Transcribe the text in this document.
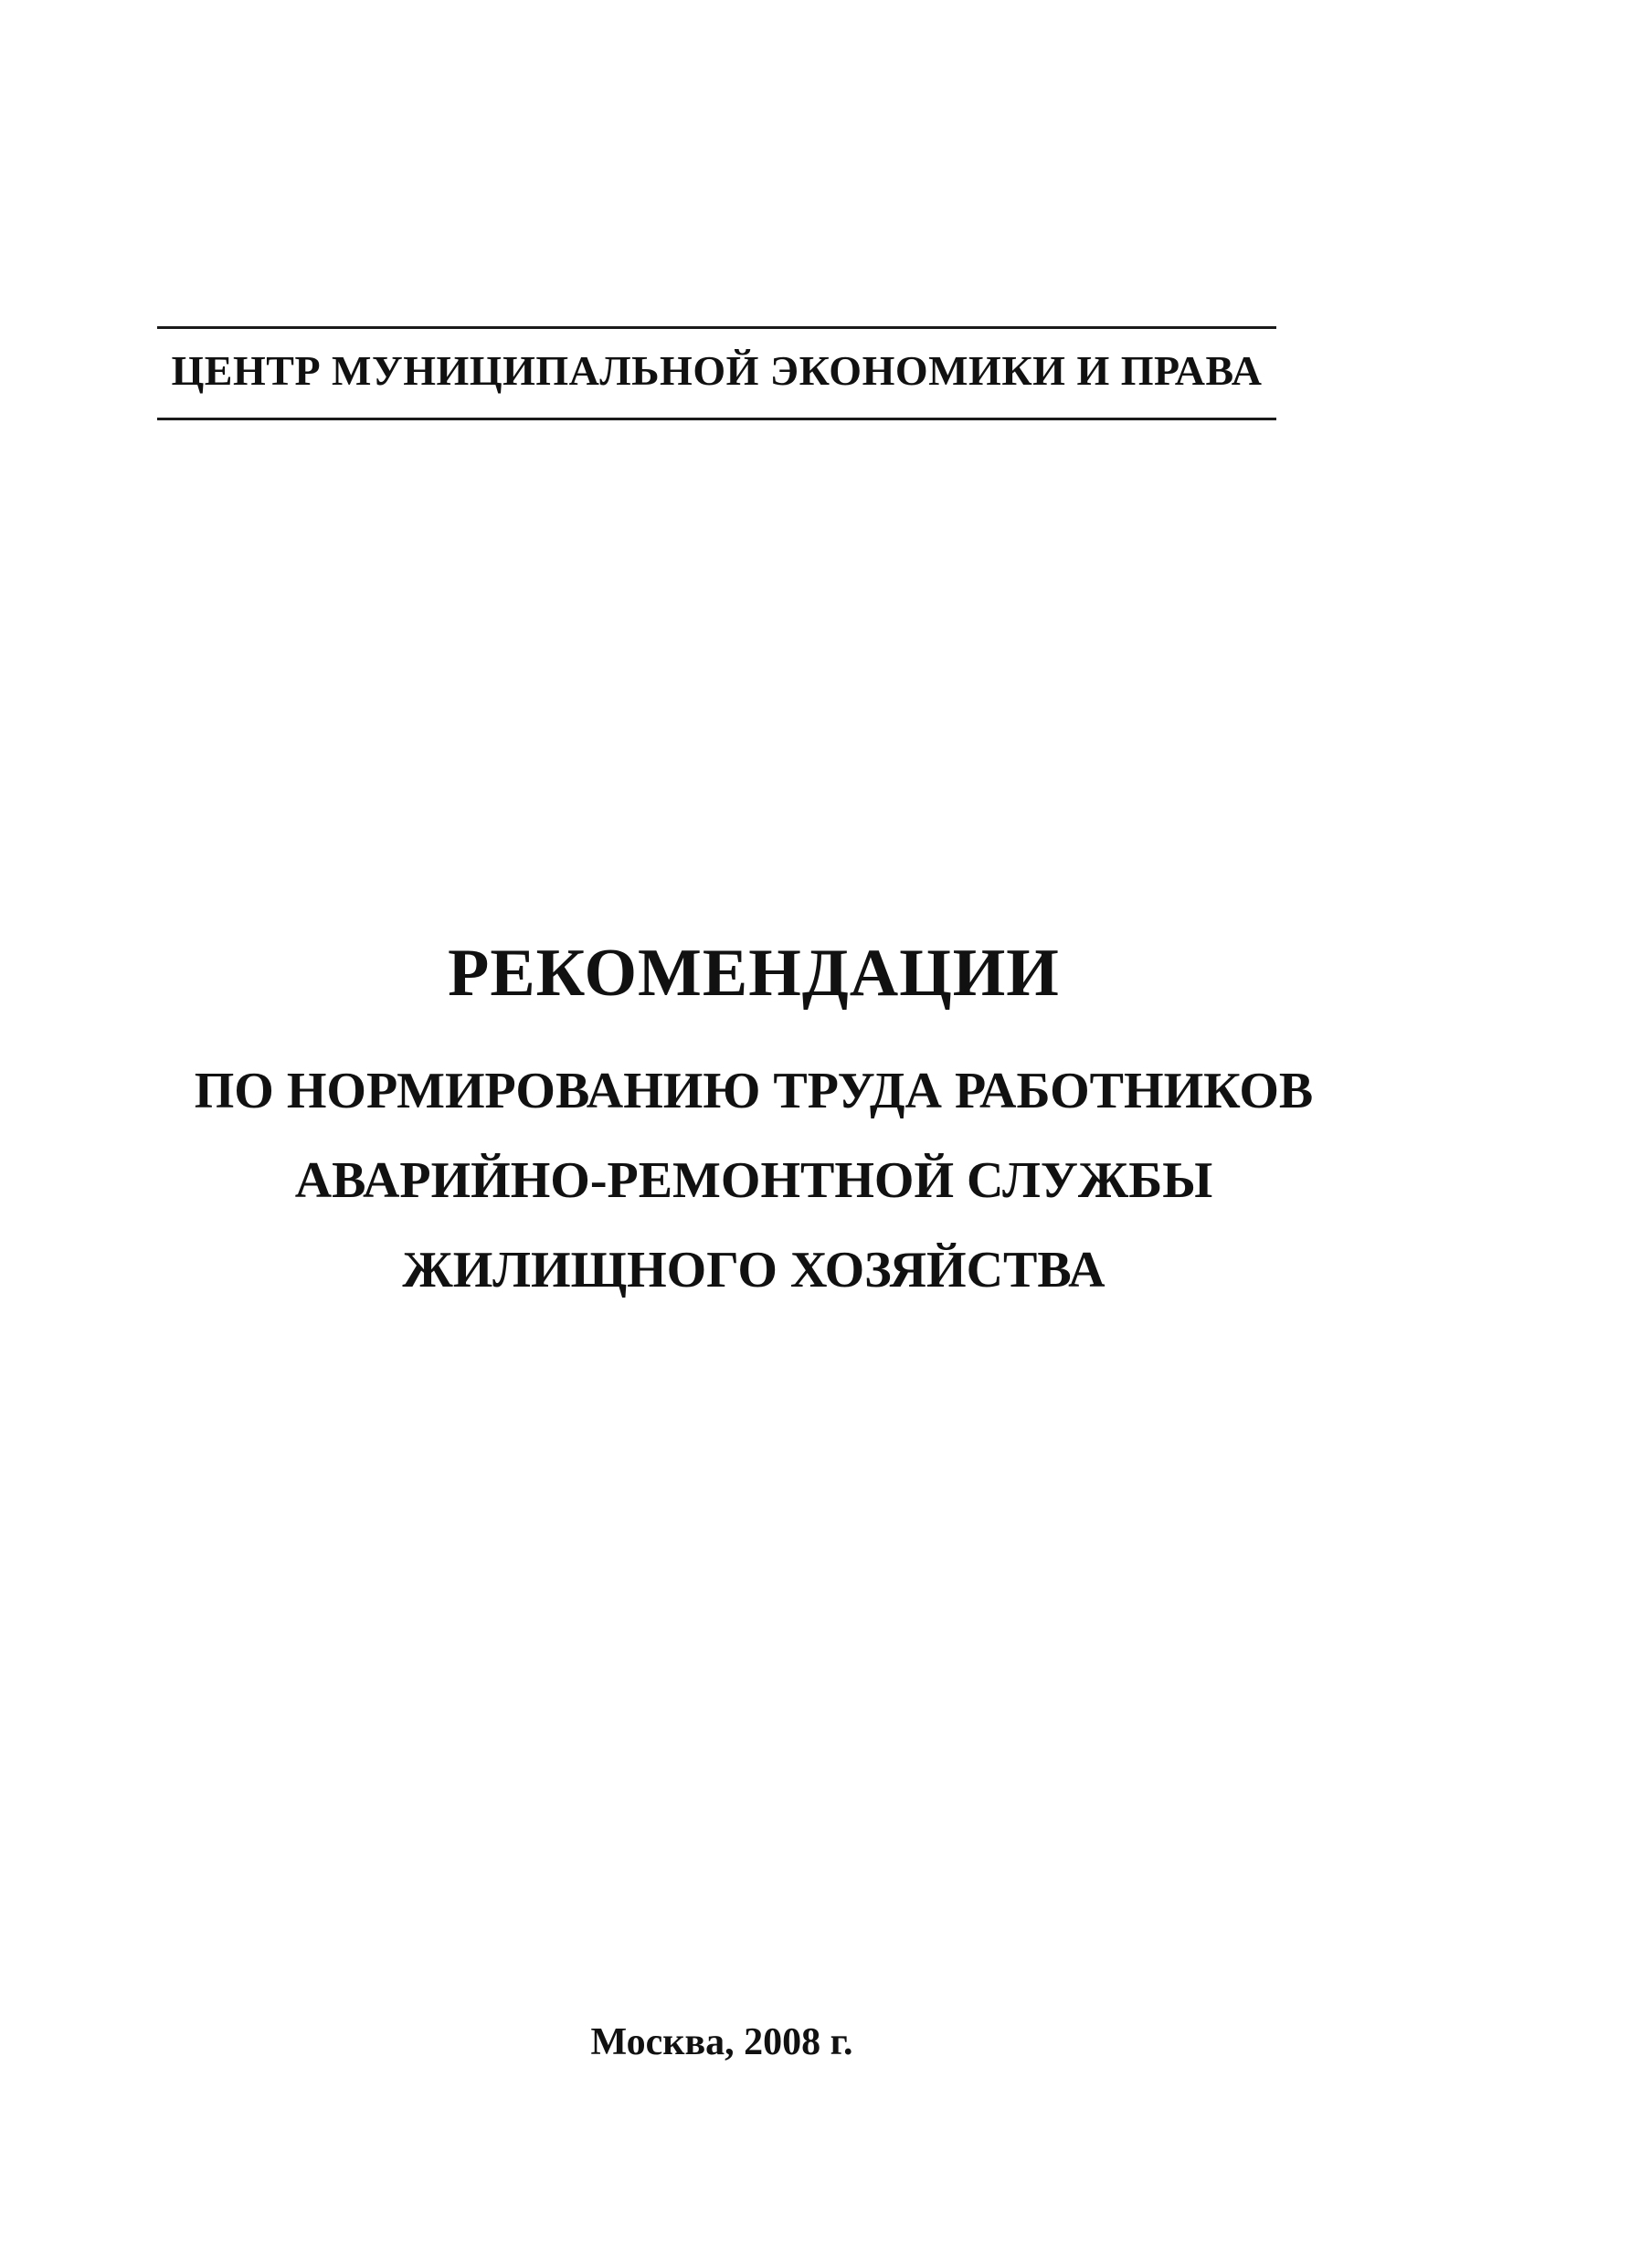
ЦЕНТР МУНИЦИПАЛЬНОЙ ЭКОНОМИКИ И ПРАВА
РЕКОМЕНДАЦИИ
ПО НОРМИРОВАНИЮ ТРУДА РАБОТНИКОВ
АВАРИЙНО-РЕМОНТНОЙ СЛУЖБЫ
ЖИЛИЩНОГО ХОЗЯЙСТВА
Москва, 2008 г.
